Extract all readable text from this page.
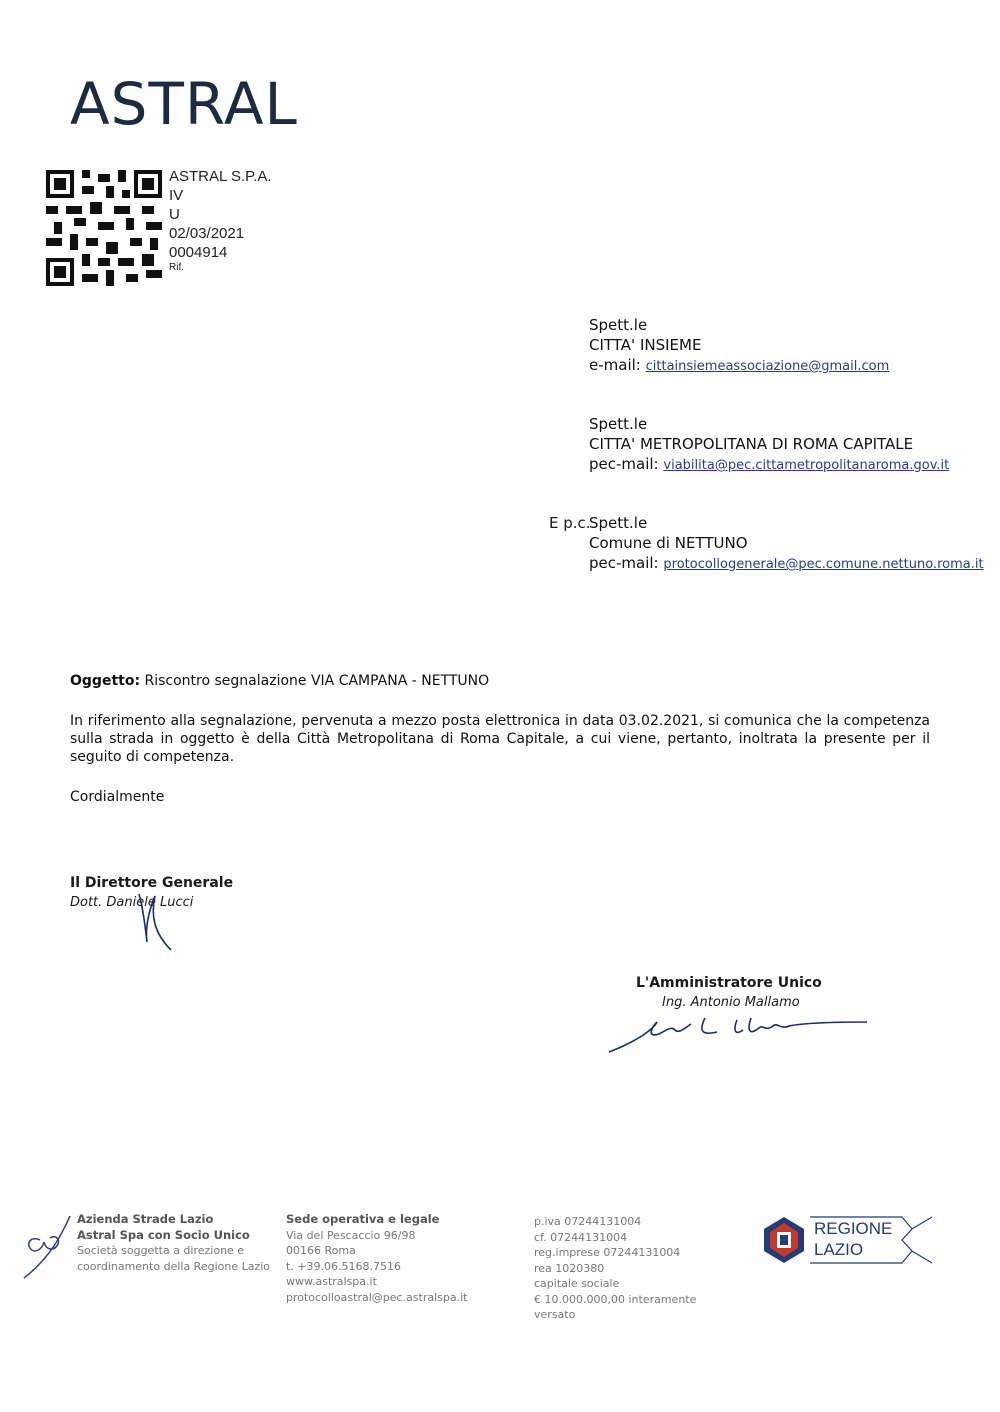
ASTRAL
ASTRAL S.P.A.
IV
U
02/03/2021
0004914
Rif.
Spett.le
CITTA' INSIEME
e-mail: cittainsiemeassociazione@gmail.com
Spett.le
CITTA' METROPOLITANA DI ROMA CAPITALE
pec-mail: viabilita@pec.cittametropolitanaroma.gov.it
E p.c.
Spett.le
Comune di NETTUNO
pec-mail: protocollogenerale@pec.comune.nettuno.roma.it
Oggetto: Riscontro segnalazione VIA CAMPANA - NETTUNO
In riferimento alla segnalazione, pervenuta a mezzo posta elettronica in data 03.02.2021, si comunica che la competenza sulla strada in oggetto è della Città Metropolitana di Roma Capitale, a cui viene, pertanto, inoltrata la presente per il seguito di competenza.
Cordialmente
Il Direttore Generale
Dott. Daniele Lucci
L'Amministratore Unico
Ing. Antonio Mallamo
Azienda Strade Lazio
Astral Spa con Socio Unico
Società soggetta a direzione e
coordinamento della Regione Lazio
Sede operativa e legale
Via del Pescaccio 96/98
00166 Roma
t. +39.06.5168.7516
www.astralspa.it
protocolloastral@pec.astralspa.it
p.iva 07244131004
cf. 07244131004
reg.imprese 07244131004
rea 1020380
capitale sociale
€ 10.000.000,00 interamente
versato
REGIONE
LAZIO
